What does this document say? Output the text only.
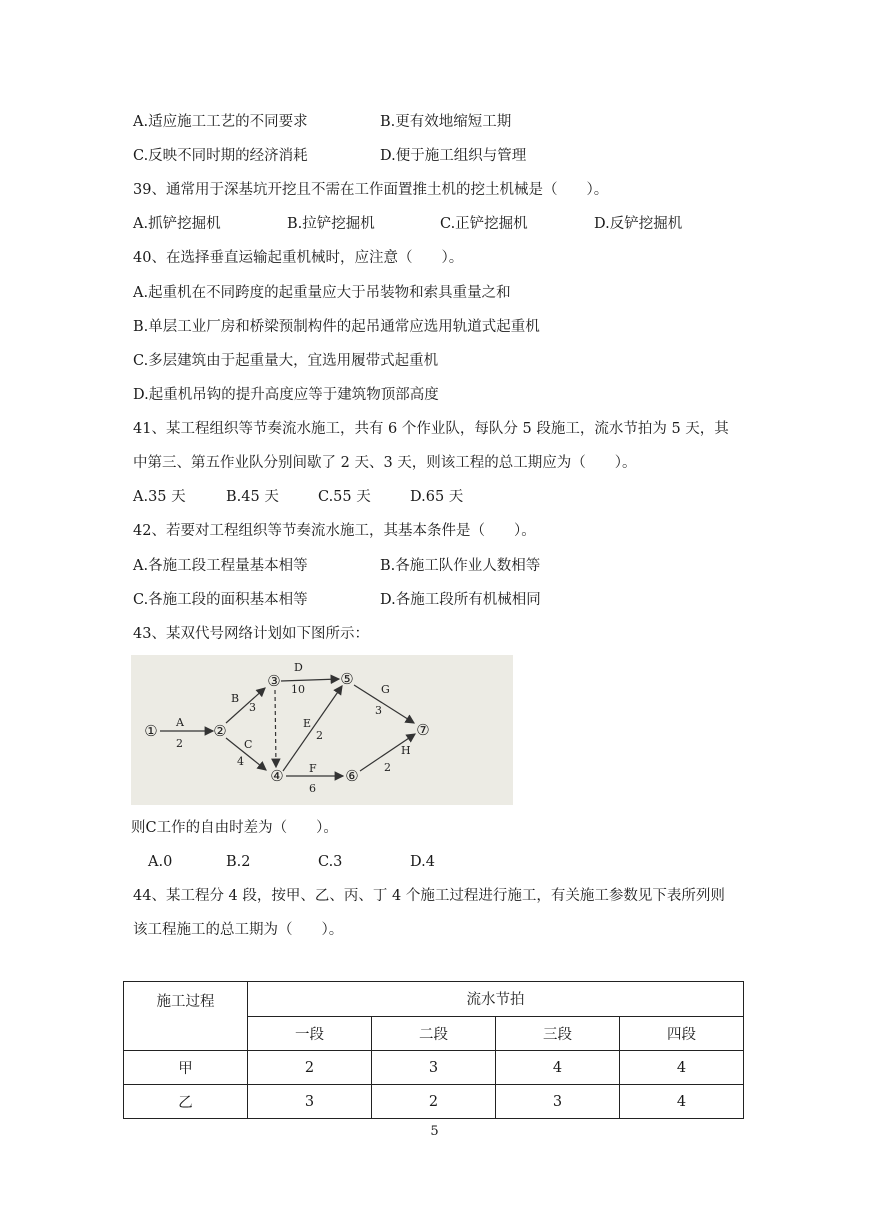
A.适应施工工艺的不同要求	B.更有效地缩短工期
C.反映不同时期的经济消耗	D.便于施工组织与管理
39、通常用于深基坑开挖且不需在工作面置推土机的挖土机械是（　　）。
A.抓铲挖掘机	B.拉铲挖掘机	C.正铲挖掘机	D.反铲挖掘机
40、在选择垂直运输起重机械时，应注意（　　）。
A.起重机在不同跨度的起重量应大于吊装物和索具重量之和
B.单层工业厂房和桥梁预制构件的起吊通常应选用轨道式起重机
C.多层建筑由于起重量大，宜选用履带式起重机
D.起重机吊钩的提升高度应等于建筑物顶部高度
41、某工程组织等节奏流水施工，共有 6 个作业队，每队分 5 段施工，流水节拍为 5 天，其
中第三、第五作业队分别间歇了 2 天、3 天，则该工程的总工期应为（　　）。
A.35 天	B.45 天	C.55 天	D.65 天
42、若要对工程组织等节奏流水施工，其基本条件是（　　）。
A.各施工段工程量基本相等	B.各施工队作业人数相等
C.各施工段的面积基本相等	D.各施工段所有机械相同
43、某双代号网络计划如下图所示：
①	②
③
④
⑤
⑥
⑦
A
2
B
3
C
4
D
10
E
2
F
6
G
3
H
2
则C工作的自由时差为（　　）。
A.0	B.2	C.3	D.4
44、某工程分 4 段，按甲、乙、丙、丁 4 个施工过程进行施工，有关施工参数见下表所列则
该工程施工的总工期为（　　）。
施工过程	流水节拍			
	一段	二段	三段	四段
甲	2	3	4	4
乙	3	2	3	4
5
